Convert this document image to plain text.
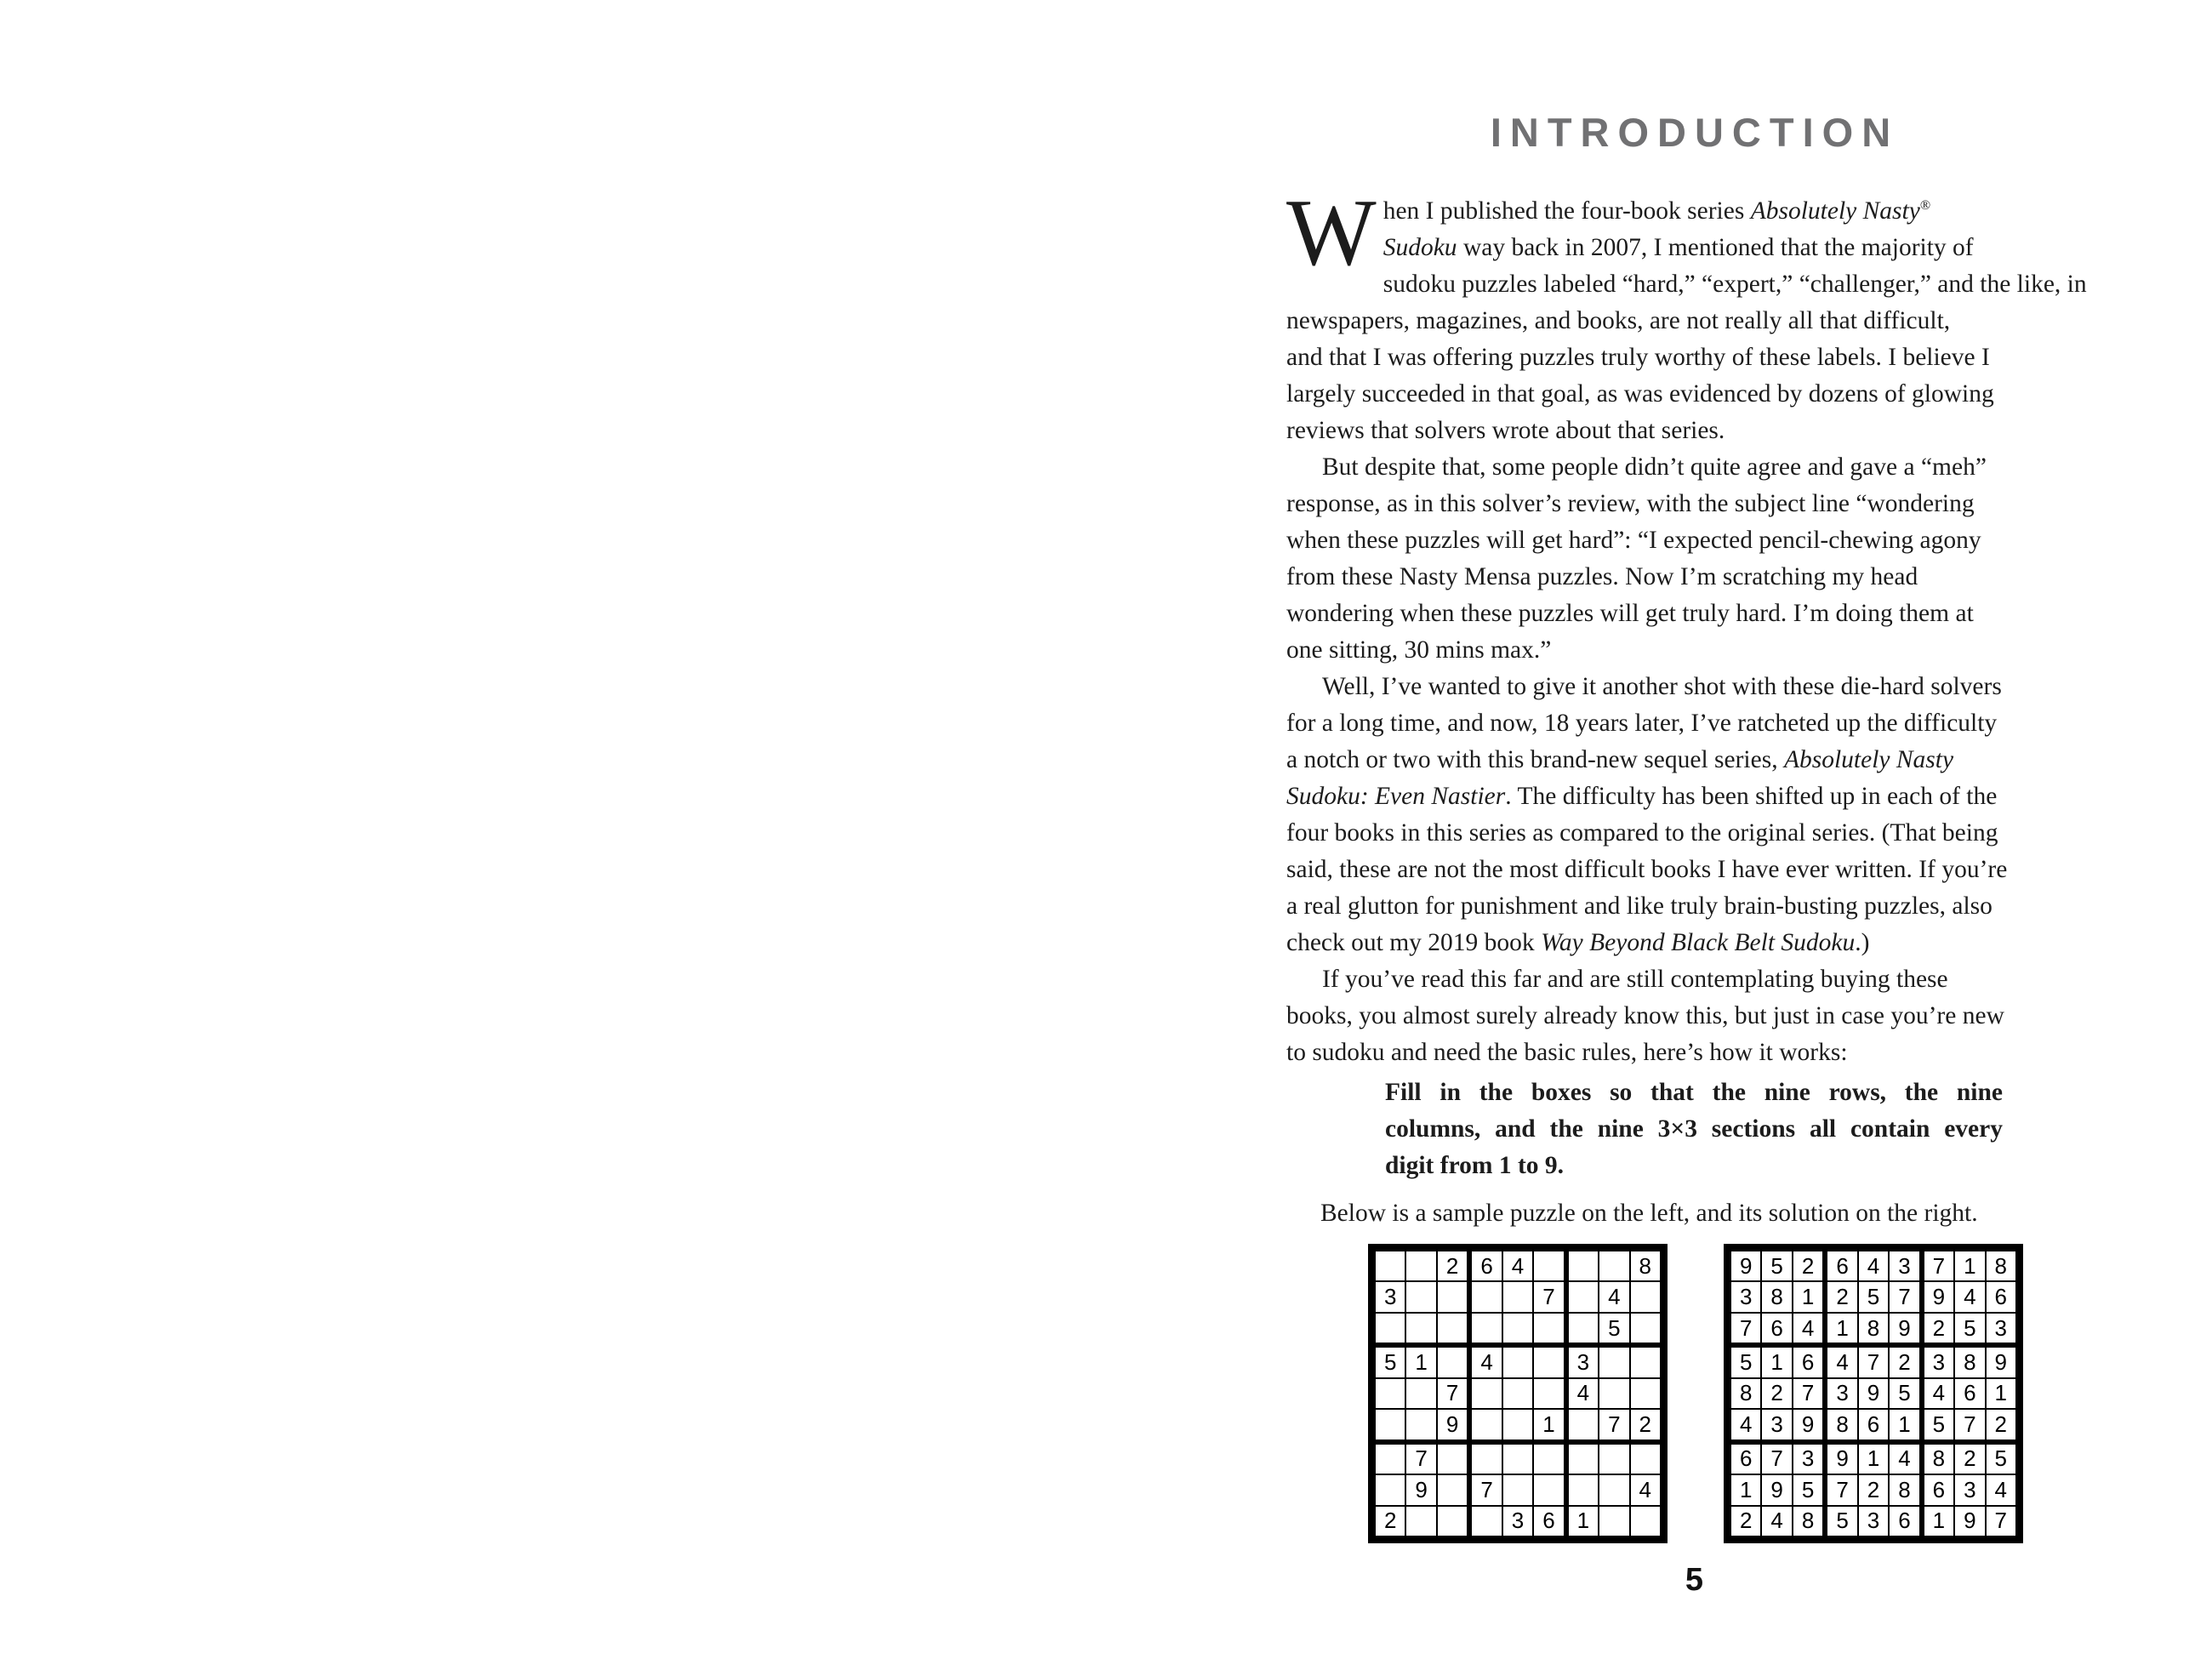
INTRODUCTION
W hen I published the four-book series Absolutely Nasty®
Sudoku way back in 2007, I mentioned that the majority of
sudoku puzzles labeled “hard,” “expert,” “challenger,” and the like, in
newspapers, magazines, and books, are not really all that difficult,
and that I was offering puzzles truly worthy of these labels. I believe I
largely succeeded in that goal, as was evidenced by dozens of glowing
reviews that solvers wrote about that series.
But despite that, some people didn’t quite agree and gave a “meh”
response, as in this solver’s review, with the subject line “wondering
when these puzzles will get hard”: “I expected pencil-chewing agony
from these Nasty Mensa puzzles. Now I’m scratching my head
wondering when these puzzles will get truly hard. I’m doing them at
one sitting, 30 mins max.”
Well, I’ve wanted to give it another shot with these die-hard solvers
for a long time, and now, 18 years later, I’ve ratcheted up the difficulty
a notch or two with this brand-new sequel series, Absolutely Nasty
Sudoku: Even Nastier. The difficulty has been shifted up in each of the
four books in this series as compared to the original series. (That being
said, these are not the most difficult books I have ever written. If you’re
a real glutton for punishment and like truly brain-busting puzzles, also
check out my 2019 book Way Beyond Black Belt Sudoku.)
If you’ve read this far and are still contemplating buying these
books, you almost surely already know this, but just in case you’re new
to sudoku and need the basic rules, here’s how it works:
Fill in the boxes so that the nine rows, the nine
columns, and the nine 3×3 sections all contain every
digit from 1 to 9.
Below is a sample puzzle on the left, and its solution on the right.
2
3
6 4
7
8
4
5
5 1
7
9
4
1
3
4
7 2
7
9
2
7
3 6
4
1
9 5 2
3 8 1
7 6 4
6 4 3
2 5 7
1 8 9
7 1 8
9 4 6
2 5 3
5 1 6
8 2 7
4 3 9
4 7 2
3 9 5
8 6 1
3 8 9
4 6 1
5 7 2
6 7 3
1 9 5
2 4 8
9 1 4
7 2 8
5 3 6
8 2 5
6 3 4
1 9 7
5
